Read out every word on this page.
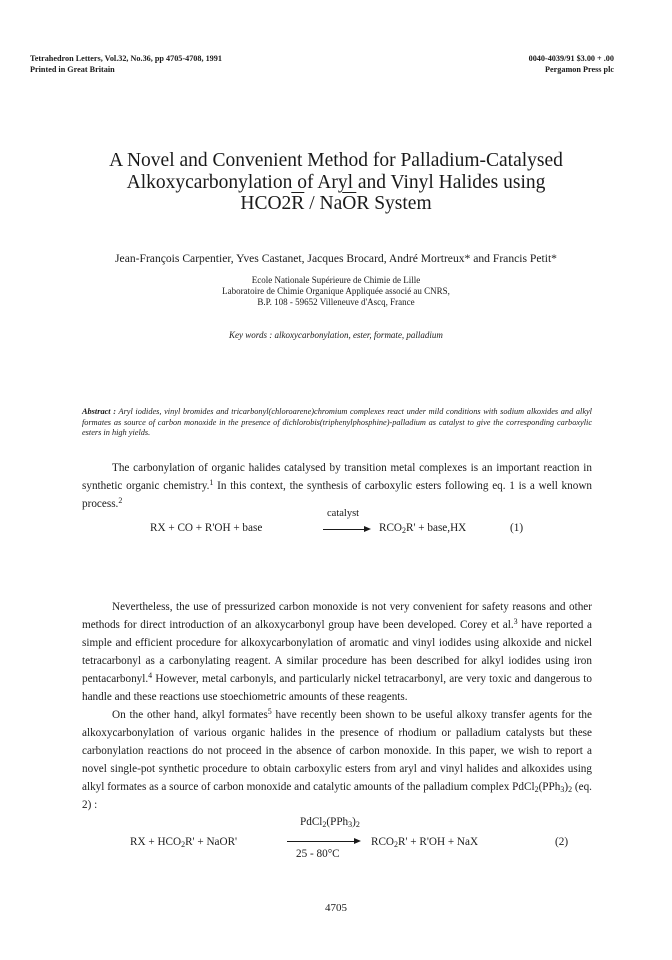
Tetrahedron Letters, Vol.32, No.36, pp 4705-4708, 1991
Printed in Great Britain
0040-4039/91 $3.00 + .00
Pergamon Press plc
A Novel and Convenient Method for Palladium-Catalysed
Alkoxycarbonylation of Aryl and Vinyl Halides using
$HCO2\overline{R} / Na\overline{O}R$ System
Jean-François Carpentier, Yves Castanet, Jacques Brocard, André Mortreux* and Francis Petit*
Ecole Nationale Supérieure de Chimie de Lille
Laboratoire de Chimie Organique Appliquée associé au CNRS,
B.P. 108 - 59652 Villeneuve d'Ascq, France
Key words : alkoxycarbonylation, ester, formate, palladium
Abstract : Aryl iodides, vinyl bromides and tricarbonyl(chloroarene)chromium complexes react under mild conditions with sodium alkoxides and alkyl formates as source of carbon monoxide in the presence of dichlorobis(triphenylphosphine)-palladium as catalyst to give the corresponding carboxylic esters in high yields.

The carbonylation of organic halides catalysed by transition metal complexes is an important reaction in synthetic organic chemistry.$^1$ In this context, the synthesis of carboxylic esters following eq. 1 is a well known process.$^2$

RX + CO + R'OH + base
catalyst
$RCO_2R'$ + base,HX	(1)

Nevertheless, the use of pressurized carbon monoxide is not very convenient for safety reasons and other methods for direct introduction of an alkoxycarbonyl group have been developed. Corey et al.$^3$ have reported a simple and efficient procedure for alkoxycarbonylation of aromatic and vinyl iodides using alkoxide and nickel tetracarbonyl as a carbonylating reagent. A similar procedure has been described for alkyl iodides using iron pentacarbonyl.$^4$ However, metal carbonyls, and particularly nickel tetracarbonyl, are very toxic and dangerous to handle and these reactions use stoechiometric amounts of these reagents.

On the other hand, alkyl formates$^5$ have recently been shown to be useful alkoxy transfer agents for the alkoxycarbonylation of various organic halides in the presence of rhodium or palladium catalysts but these carbonylation reactions do not proceed in the absence of carbon monoxide. In this paper, we wish to report a novel single-pot synthetic procedure to obtain carboxylic esters from aryl and vinyl halides and alkoxides using alkyl formates as a source of carbon monoxide and catalytic amounts of the palladium complex $PdCl_2(PPh_3)_2$ (eq. 2) :

RX + $HCO_2R'$ + NaOR'
$PdCl_2(PPh_3)_2$
25 - 80°C
$RCO_2R' + R'OH$ + NaX	(2)
4705
